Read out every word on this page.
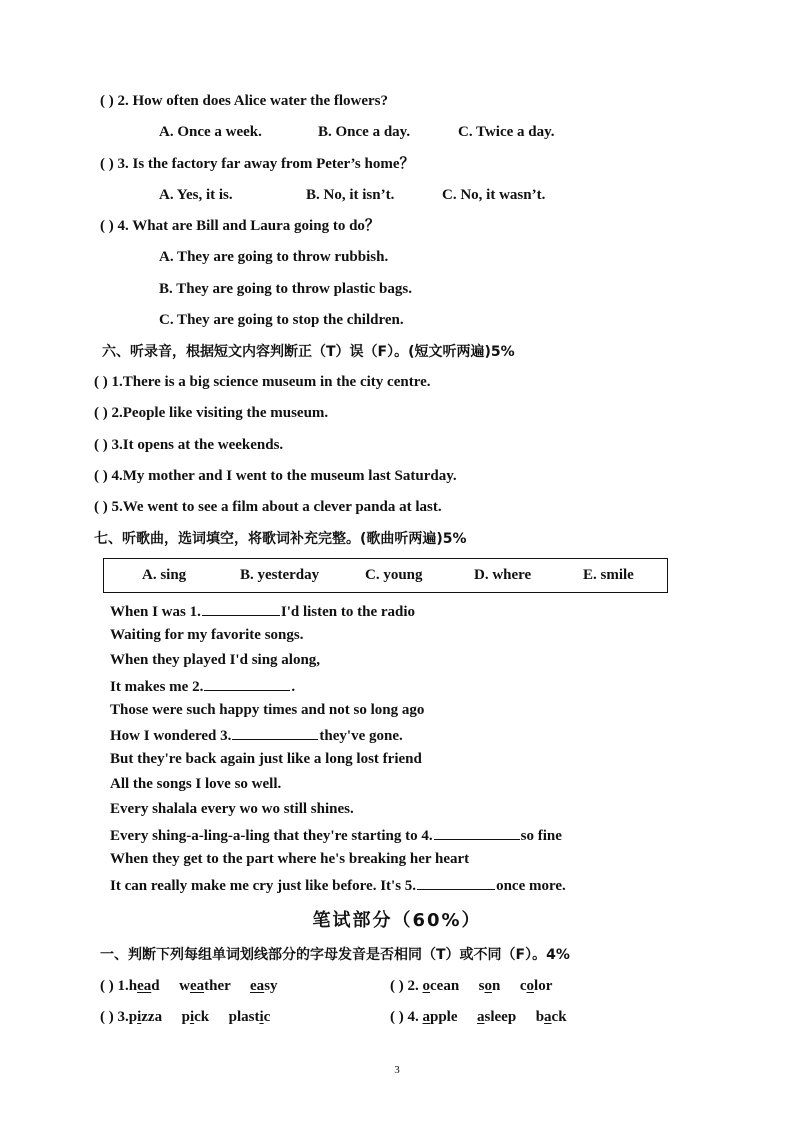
( ) 2. How often does Alice water the flowers?
A. Once a week.	B. Once a day.	C. Twice a day.
( ) 3. Is the factory far away from Peter’s home？
A. Yes, it is.	B. No, it isn’t.	C. No, it wasn’t.
( ) 4. What are Bill and Laura going to do？
A. They are going to throw rubbish.
B. They are going to throw plastic bags.
C. They are going to stop the children.
六、听录音，根据短文内容判断正（T）误（F）。(短文听两遍)5%
( ) 1.There is a big science museum in the city centre.
( ) 2.People like visiting the museum.
( ) 3.It opens at the weekends.
( ) 4.My mother and I went to the museum last Saturday.
( ) 5.We went to see a film about a clever panda at last.
七、听歌曲，选词填空，将歌词补充完整。(歌曲听两遍)5%
A. sing	B. yesterday	C. young	D. where	E. smile
When I was 1.	I'd listen to the radio
Waiting for my favorite songs.
When they played I'd sing along,
It makes me 2.	.
Those were such happy times and not so long ago
How I wondered 3.	they've gone.
But they're back again just like a long lost friend
All the songs I love so well.
Every shalala every wo wo still shines.
Every shing-a-ling-a-ling that they're starting to 4.	so fine
When they get to the part where he's breaking her heart
It can really make me cry just like before. It's 5.	once more.
笔试部分（60%）
一、判断下列每组单词划线部分的字母发音是否相同（T）或不同（F）。4%
( ) 1.head weather easy	( ) 2. ocean son color
( ) 3.pizza pick plastic	( ) 4. apple asleep back
3
